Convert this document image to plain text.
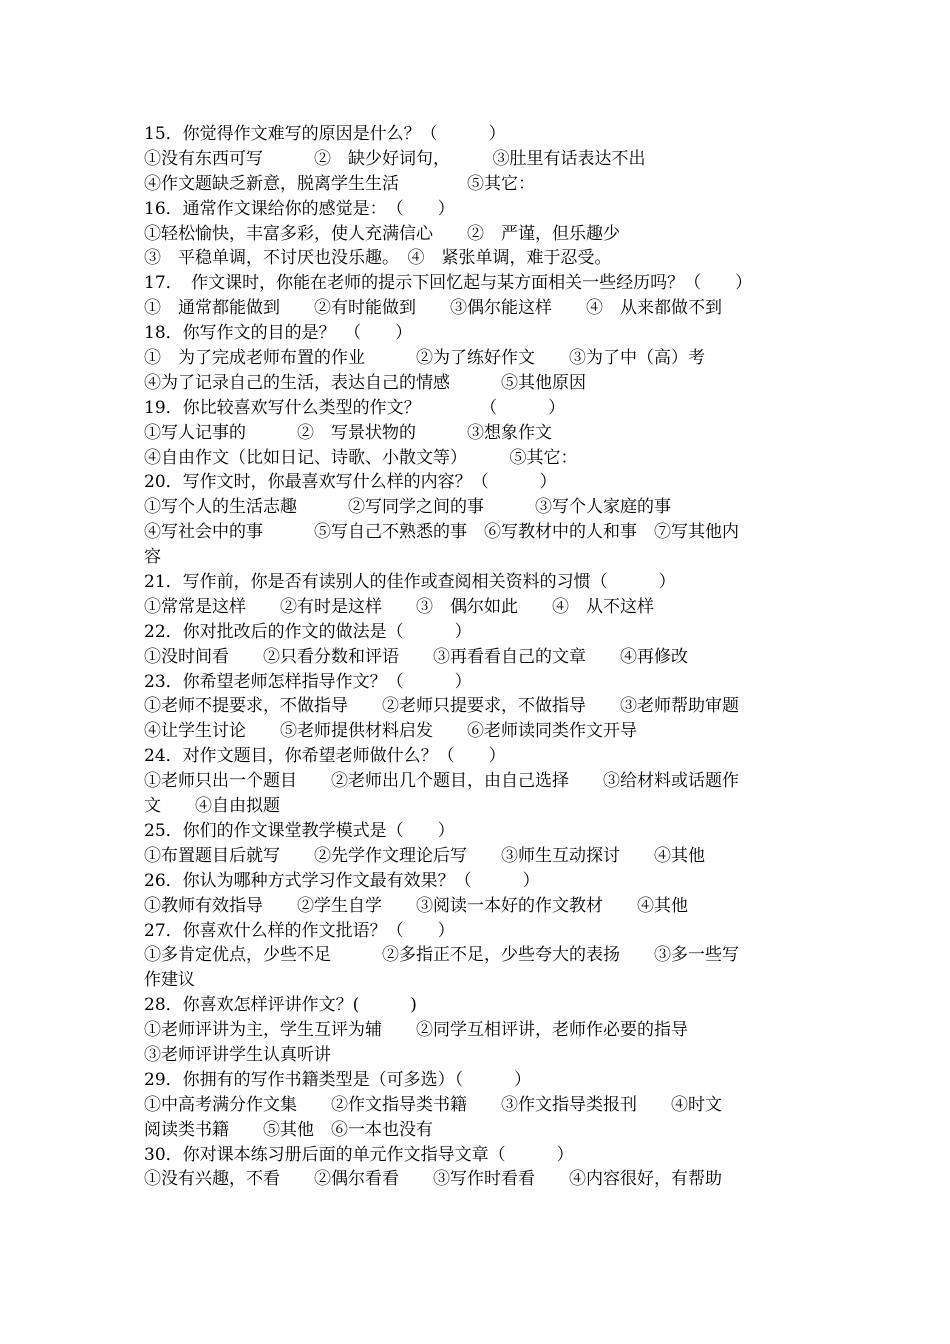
15．你觉得作文难写的原因是什么？（　　　）
①没有东西可写　　　②　缺少好词句，　　　③肚里有话表达不出
④作文题缺乏新意，脱离学生生活　　　　⑤其它：
16．通常作文课给你的感觉是：　（　　）
①轻松愉快，丰富多彩，使人充满信心　　②　严谨，但乐趣少
③　平稳单调，不讨厌也没乐趣。　④　紧张单调，难于忍受。
17．　作文课时，你能在老师的提示下回忆起与某方面相关一些经历吗？（　　）
①　通常都能做到　　②有时能做到　　③偶尔能这样　　④　从来都做不到
18．你写作文的目的是？　（　　）
①　为了完成老师布置的作业　　　②为了练好作文　　③为了中（高）考
④为了记录自己的生活，表达自己的情感　　　⑤其他原因
19．你比较喜欢写什么类型的作文？　　　　（　　　）
①写人记事的　　　②　写景状物的　　　③想象作文
④自由作文（比如日记、诗歌、小散文等）　　　⑤其它：
20．写作文时，你最喜欢写什么样的内容？（　　　）
①写个人的生活志趣　　　②写同学之间的事　　　③写个人家庭的事
④写社会中的事　　　⑤写自己不熟悉的事　⑥写教材中的人和事　⑦写其他内
容
21．写作前，你是否有读别人的佳作或查阅相关资料的习惯（　　　）
①常常是这样　　②有时是这样　　③　偶尔如此　　④　从不这样
22．你对批改后的作文的做法是（　　　）
①没时间看　　②只看分数和评语　　③再看看自己的文章　　④再修改
23．你希望老师怎样指导作文？（　　　）
①老师不提要求，不做指导　　②老师只提要求，不做指导　　③老师帮助审题
④让学生讨论　　⑤老师提供材料启发　　⑥老师读同类作文开导
24．对作文题目，你希望老师做什么？（　　）
①老师只出一个题目　　②老师出几个题目，由自己选择　　③给材料或话题作
文　　④自由拟题
25．你们的作文课堂教学模式是（　　）
①布置题目后就写　　②先学作文理论后写　　③师生互动探讨　　④其他
26．你认为哪种方式学习作文最有效果？（　　　）
①教师有效指导　　②学生自学　　③阅读一本好的作文教材　　④其他
27．你喜欢什么样的作文批语？（　　）
①多肯定优点，少些不足　　　②多指正不足，少些夸大的表扬　　③多一些写
作建议
28．你喜欢怎样评讲作文？(　　　)
①老师评讲为主，学生互评为辅　　②同学互相评讲，老师作必要的指导
③老师评讲学生认真听讲
29．你拥有的写作书籍类型是（可多选）（　　　）
①中高考满分作文集　　②作文指导类书籍　　③作文指导类报刊　　④时文
阅读类书籍　　⑤其他　⑥一本也没有
30．你对课本练习册后面的单元作文指导文章（　　　）
①没有兴趣，不看　　②偶尔看看　　③写作时看看　　④内容很好，有帮助
